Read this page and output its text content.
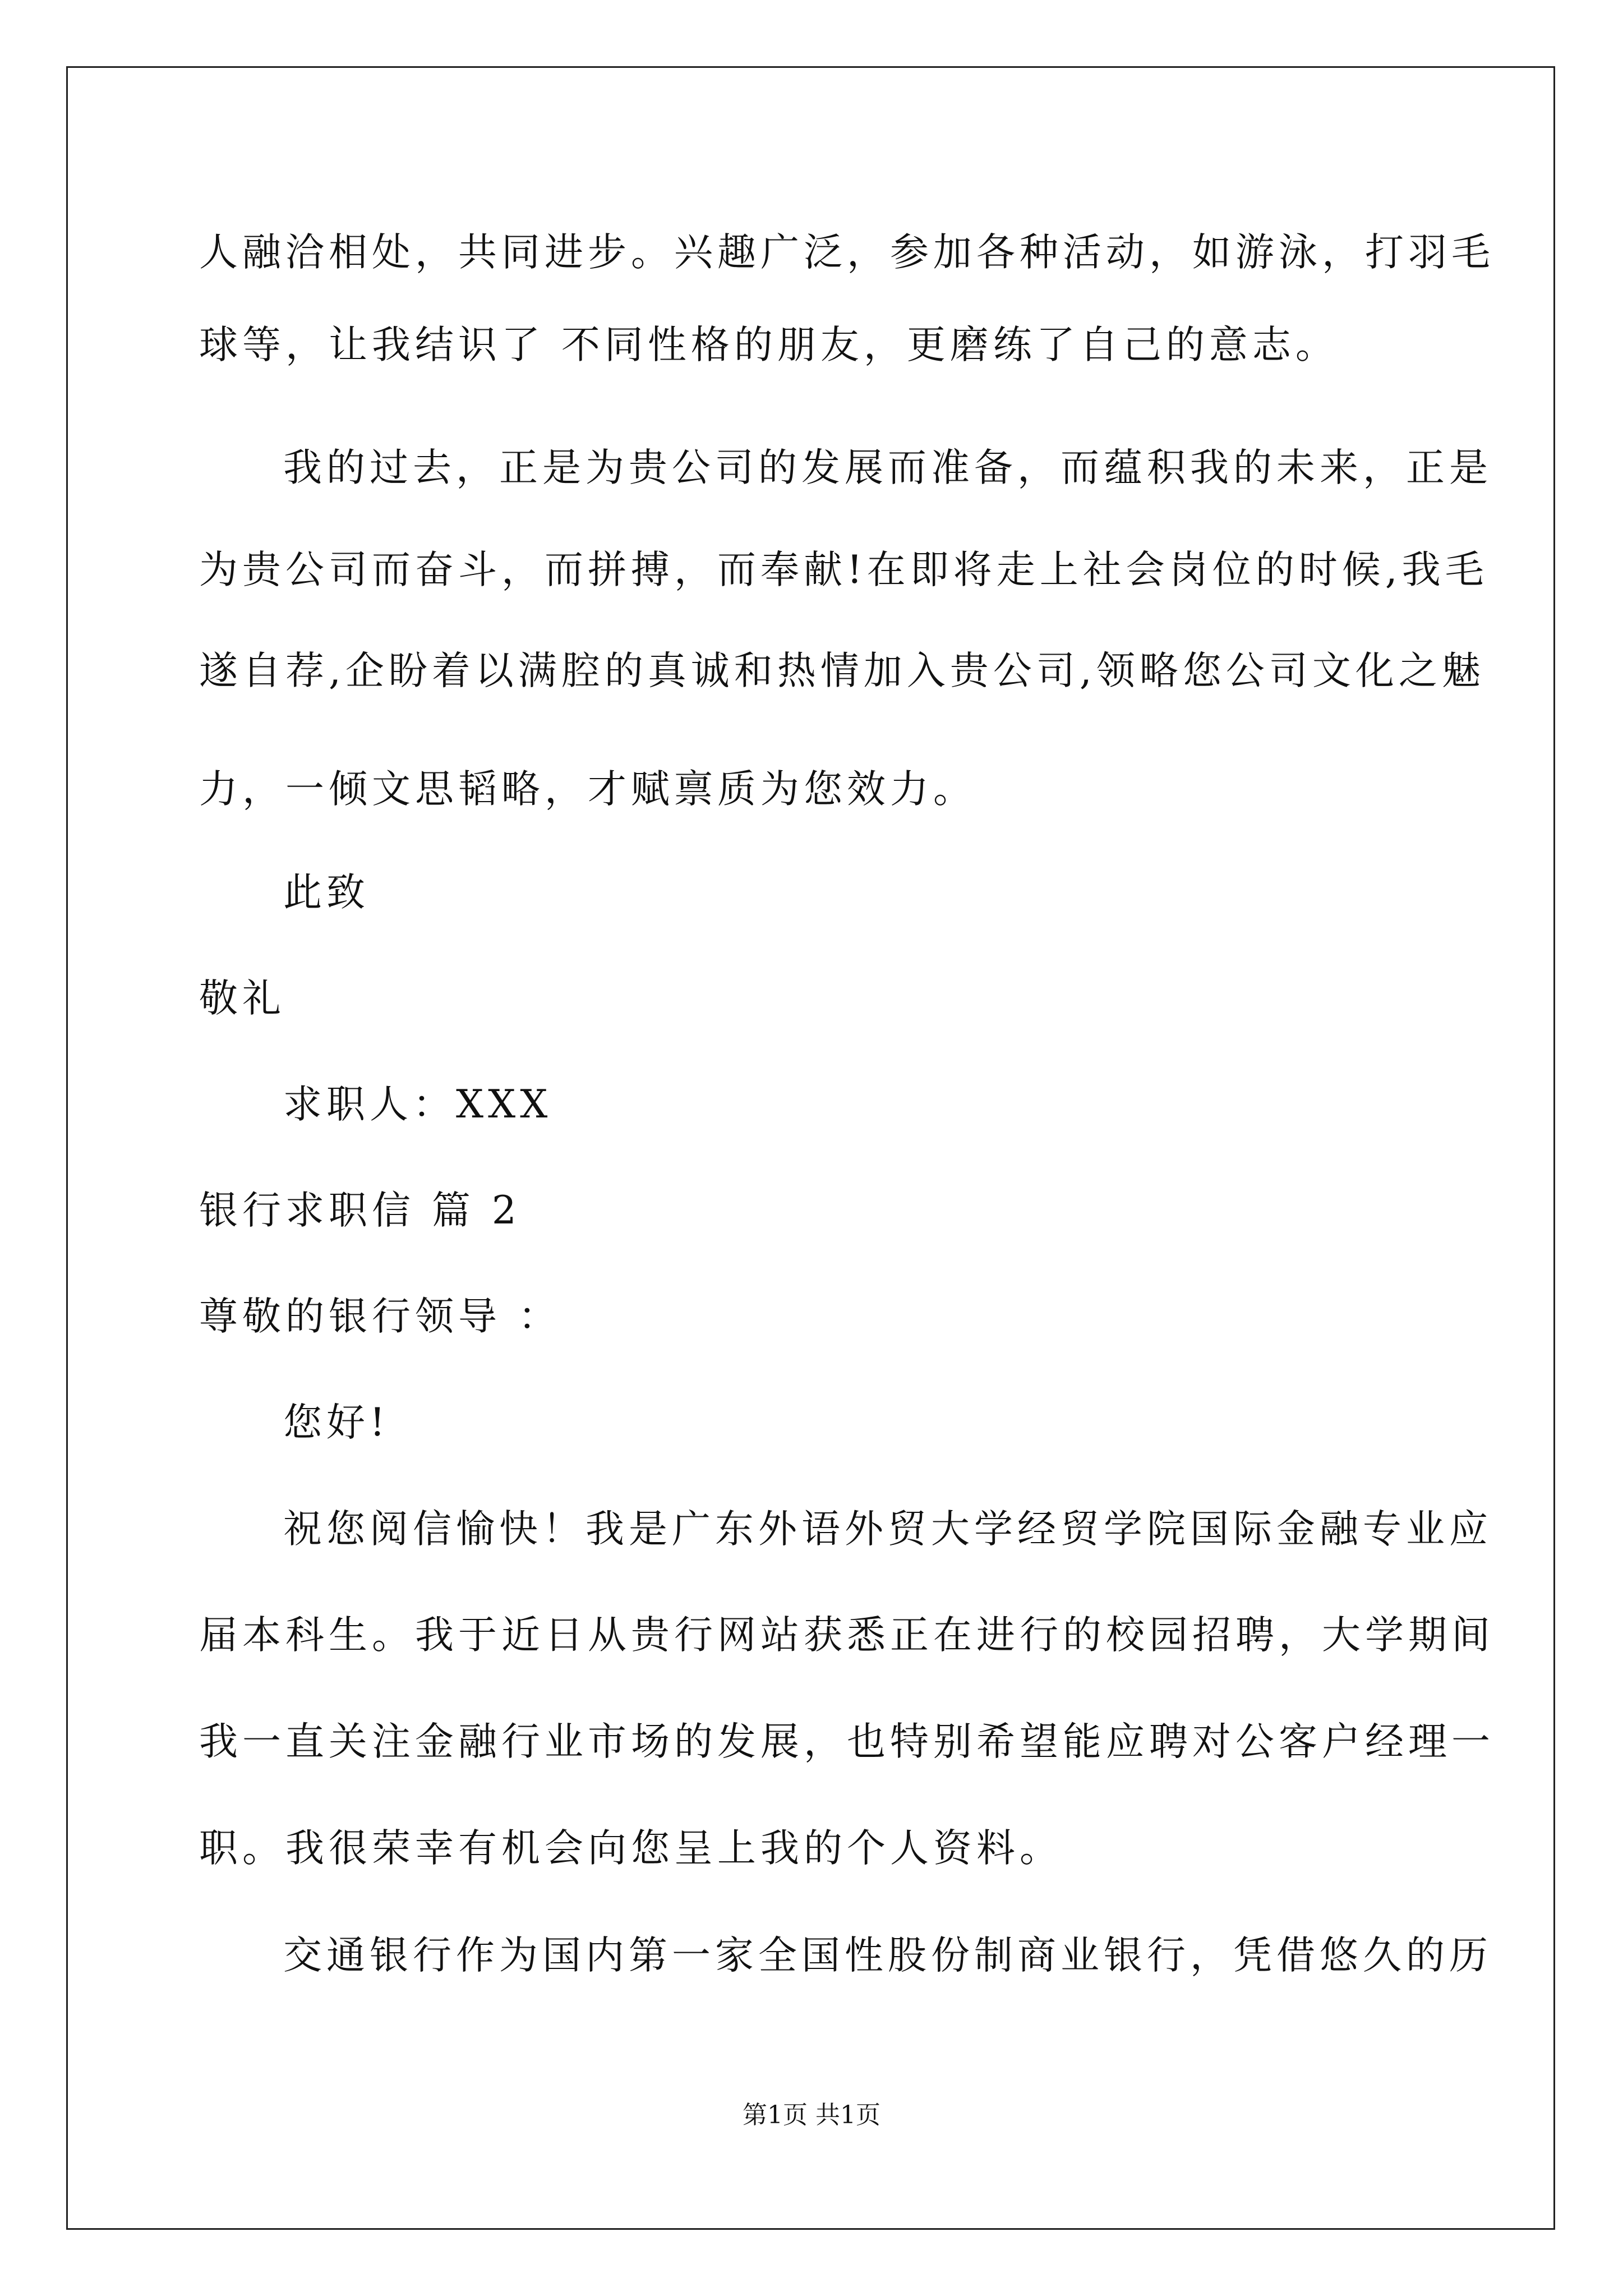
人融洽相处，共同进步。兴趣广泛，参加各种活动，如游泳，打羽毛
球等，让我结识了 不同性格的朋友，更磨练了自己的意志。
我的过去，正是为贵公司的发展而准备，而蕴积我的未来，正是
为贵公司而奋斗，而拼搏，而奉献!在即将走上社会岗位的时候,我毛
遂自荐,企盼着以满腔的真诚和热情加入贵公司,领略您公司文化之魅
力，一倾文思韬略，才赋禀质为您效力。
此致
敬礼
求职人：XXX
银行求职信 篇 2
尊敬的银行领导 ：
您好!
祝您阅信愉快！我是广东外语外贸大学经贸学院国际金融专业应
届本科生。我于近日从贵行网站获悉正在进行的校园招聘，大学期间
我一直关注金融行业市场的发展，也特别希望能应聘对公客户经理一
职。我很荣幸有机会向您呈上我的个人资料。
交通银行作为国内第一家全国性股份制商业银行，凭借悠久的历
第1页 共1页
